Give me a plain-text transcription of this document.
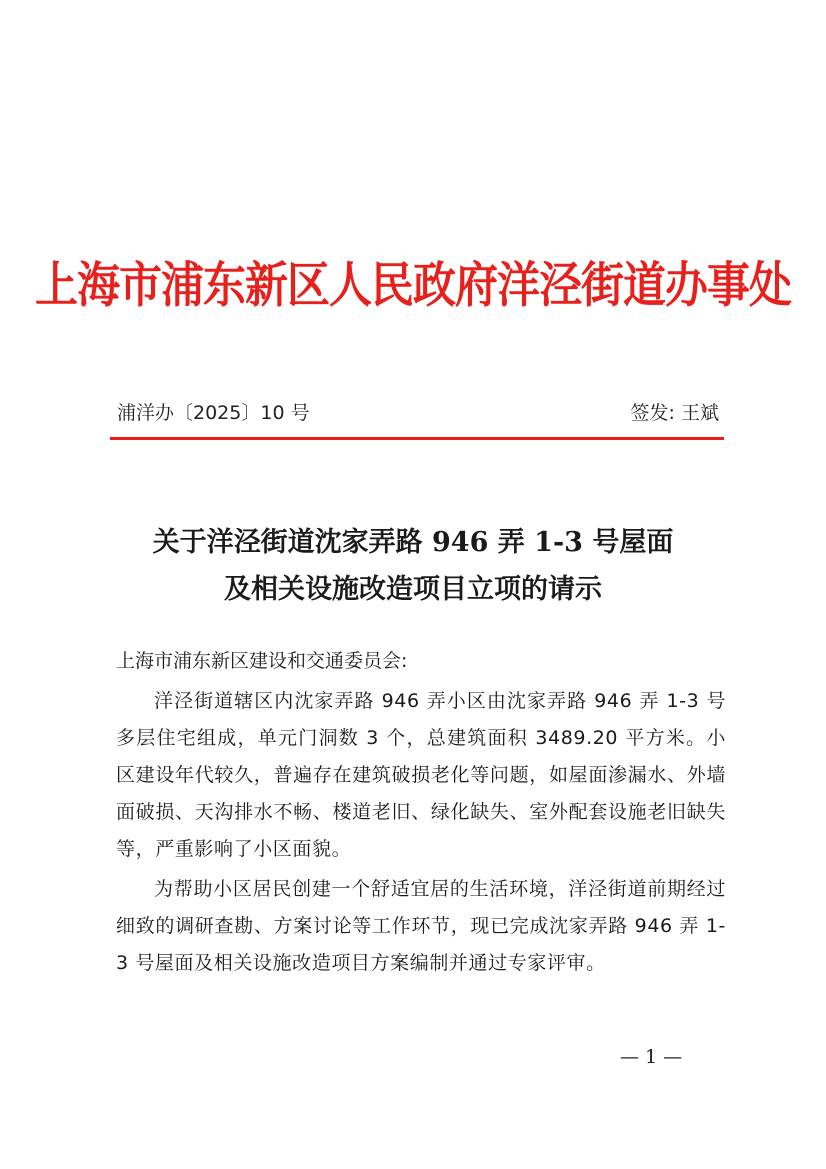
上海市浦东新区人民政府洋泾街道办事处
浦洋办〔2025〕10 号	签发: 王斌
关于洋泾街道沈家弄路 946 弄 1-3 号屋面
及相关设施改造项目立项的请示
上海市浦东新区建设和交通委员会:

洋泾街道辖区内沈家弄路 946 弄小区由沈家弄路 946 弄 1-3 号多层住宅组成，单元门洞数 3 个，总建筑面积 3489.20 平方米。小区建设年代较久，普遍存在建筑破损老化等问题，如屋面渗漏水、外墙面破损、天沟排水不畅、楼道老旧、绿化缺失、室外配套设施老旧缺失等，严重影响了小区面貌。

为帮助小区居民创建一个舒适宜居的生活环境，洋泾街道前期经过细致的调研查勘、方案讨论等工作环节，现已完成沈家弄路 946 弄 1-3 号屋面及相关设施改造项目方案编制并通过专家评审。

— 1 —
